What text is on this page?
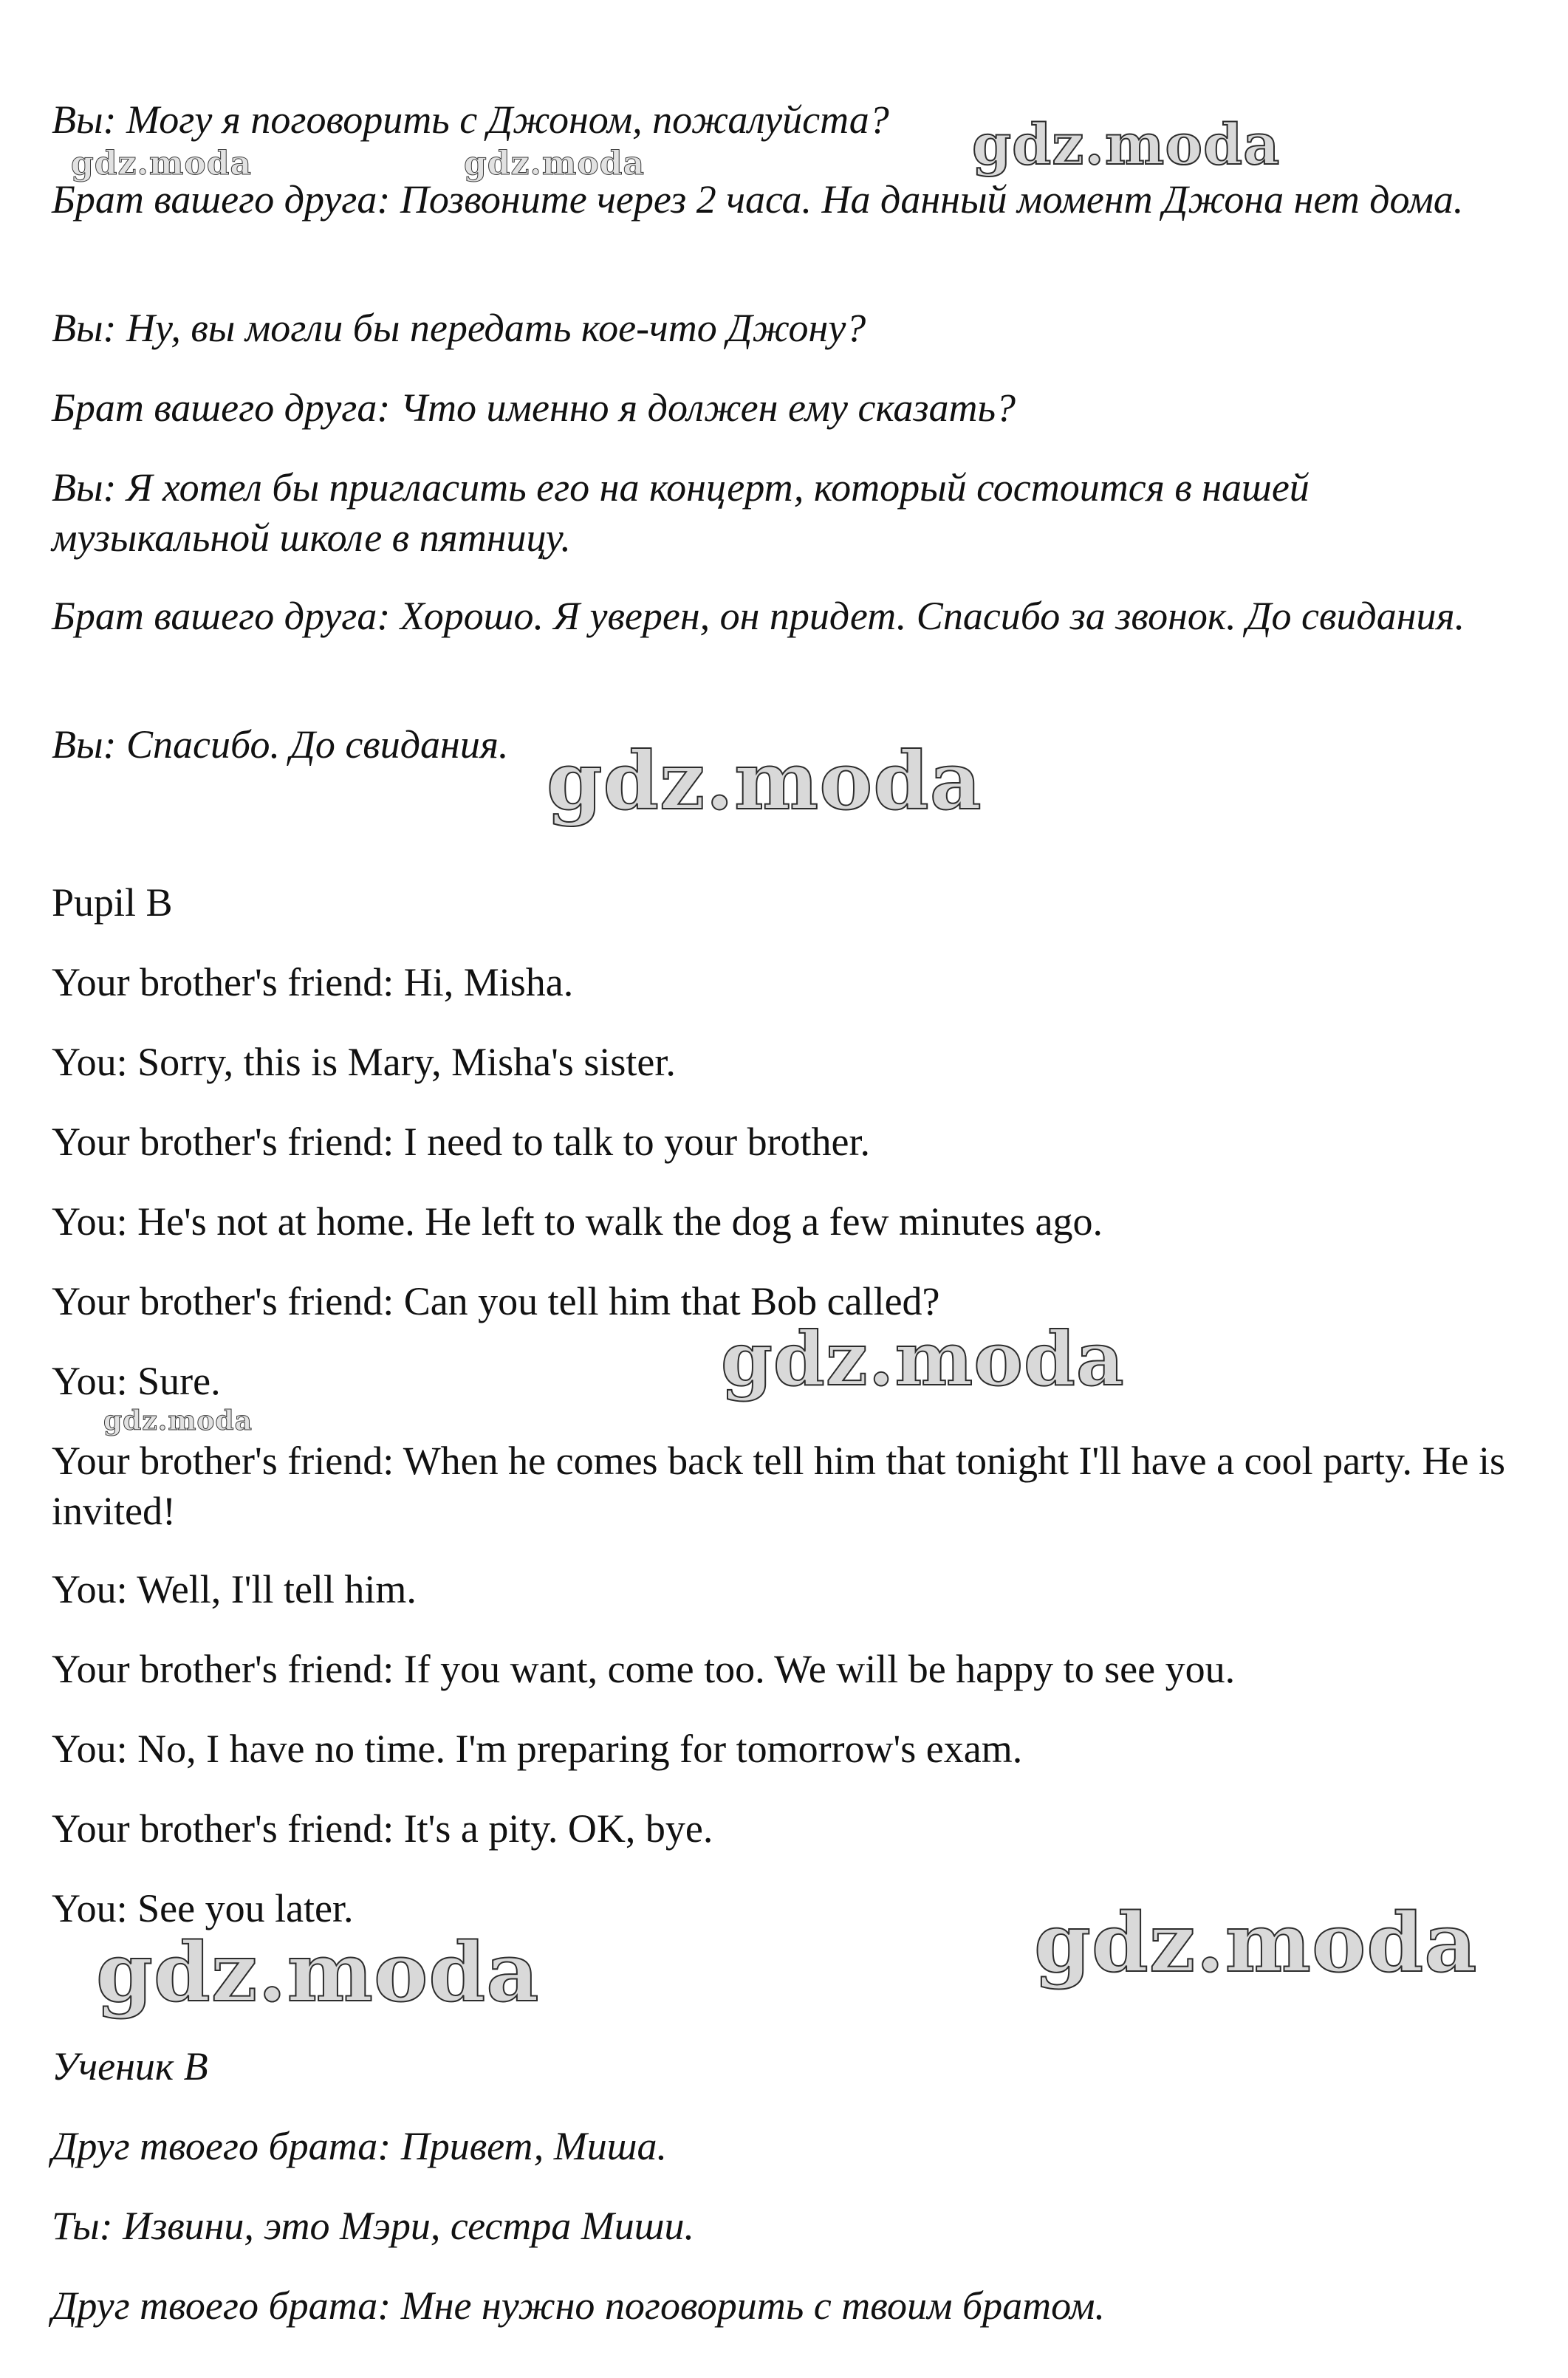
Вы: Могу я поговорить с Джоном, пожалуйста?
Брат вашего друга: Позвоните через 2 часа. На данный момент Джона нет дома.
Вы: Ну, вы могли бы передать кое-что Джону?
Брат вашего друга: Что именно я должен ему сказать?
Вы: Я хотел бы пригласить его на концерт, который состоится в нашей музыкальной школе в пятницу.
Брат вашего друга: Хорошо. Я уверен, он придет. Спасибо за звонок. До свидания.
Вы: Спасибо. До свидания.
Pupil B
Your brother's friend: Hi, Misha.
You: Sorry, this is Mary, Misha's sister.
Your brother's friend: I need to talk to your brother.
You: He's not at home. He left to walk the dog a few minutes ago.
Your brother's friend: Can you tell him that Bob called?
You: Sure.
Your brother's friend: When he comes back tell him that tonight I'll have a cool party. He is invited!
You: Well, I'll tell him.
Your brother's friend: If you want, come too. We will be happy to see you.
You: No, I have no time. I'm preparing for tomorrow's exam.
Your brother's friend: It's a pity. OK, bye.
You: See you later.
Ученик В
Друг твоего брата: Привет, Миша.
Ты: Извини, это Мэри, сестра Миши.
Друг твоего брата: Мне нужно поговорить с твоим братом.
gdz.moda	gdz.moda	gdz.moda
gdz.moda
gdz.moda
gdz.moda
gdz.moda	gdz.moda
